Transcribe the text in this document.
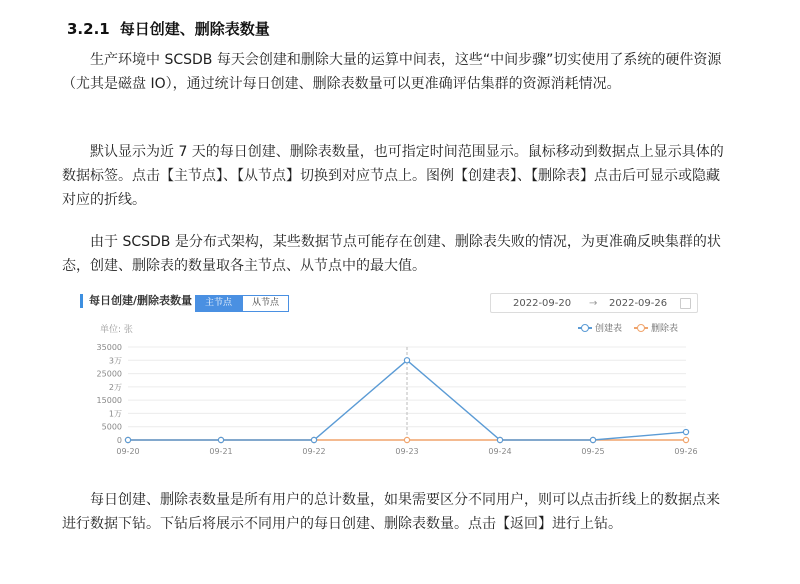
3.2.1 每日创建、删除表数量

生产环境中 SCSDB 每天会创建和删除大量的运算中间表，这些“中间步骤”切实使用了系统的硬件资源（尤其是磁盘 IO），通过统计每日创建、删除表数量可以更准确评估集群的资源消耗情况。

默认显示为近 7 天的每日创建、删除表数量，也可指定时间范围显示。鼠标移动到数据点上显示具体的数据标签。点击【主节点】、【从节点】切换到对应节点上。图例【创建表】、【删除表】点击后可显示或隐藏对应的折线。

由于 SCSDB 是分布式架构，某些数据节点可能存在创建、删除表失败的情况，为更准确反映集群的状态，创建、删除表的数量取各主节点、从节点中的最大值。

每日创建/删除表数量	主节点	从节点	2022-09-20 → 2022-09-26
单位: 张	创建表	删除表
35000
3万
25000
2万
15000
1万
5000
0
09-20	09-21	09-22	09-23	09-24	09-25	09-26

每日创建、删除表数量是所有用户的总计数量，如果需要区分不同用户，则可以点击折线上的数据点来进行数据下钻。下钻后将展示不同用户的每日创建、删除表数量。点击【返回】进行上钻。
